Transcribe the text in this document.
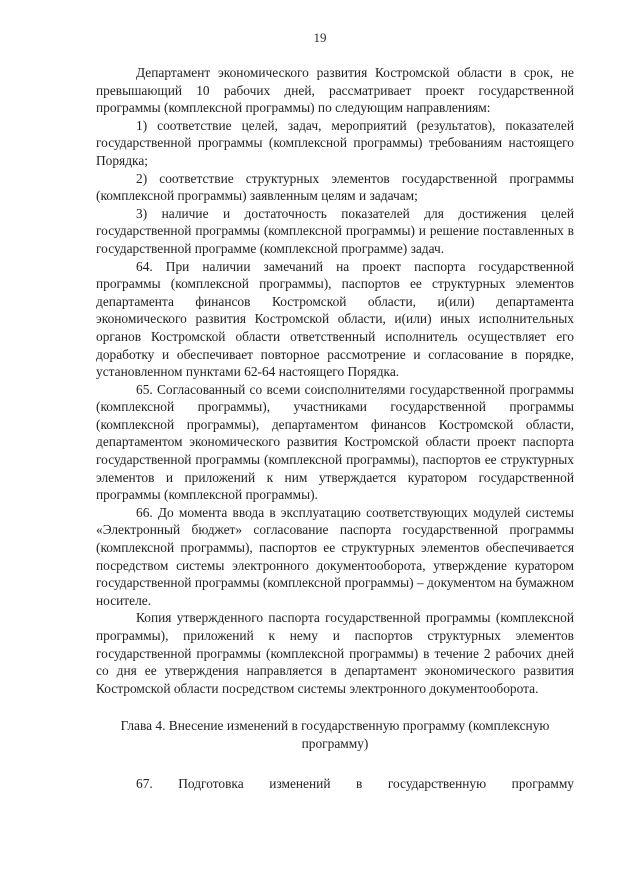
19

Департамент экономического развития Костромской области в срок, не превышающий 10 рабочих дней, рассматривает проект государственной программы (комплексной программы) по следующим направлениям:

1) соответствие целей, задач, мероприятий (результатов), показателей государственной программы (комплексной программы) требованиям настоящего Порядка;

2) соответствие структурных элементов государственной программы (комплексной программы) заявленным целям и задачам;

3) наличие и достаточность показателей для достижения целей государственной программы (комплексной программы) и решение поставленных в государственной программе (комплексной программе) задач.

64. При наличии замечаний на проект паспорта государственной программы (комплексной программы), паспортов ее структурных элементов департамента финансов Костромской области, и(или) департамента экономического развития Костромской области, и(или) иных исполнительных органов Костромской области ответственный исполнитель осуществляет его доработку и обеспечивает повторное рассмотрение и согласование в порядке, установленном пунктами 62-64 настоящего Порядка.

65. Согласованный со всеми соисполнителями государственной программы (комплексной программы), участниками государственной программы (комплексной программы), департаментом финансов Костромской области, департаментом экономического развития Костромской области проект паспорта государственной программы (комплексной программы), паспортов ее структурных элементов и приложений к ним утверждается куратором государственной программы (комплексной программы).

66. До момента ввода в эксплуатацию соответствующих модулей системы «Электронный бюджет» согласование паспорта государственной программы (комплексной программы), паспортов ее структурных элементов обеспечивается посредством системы электронного документооборота, утверждение куратором государственной программы (комплексной программы) – документом на бумажном носителе.

Копия утвержденного паспорта государственной программы (комплексной программы), приложений к нему и паспортов структурных элементов государственной программы (комплексной программы) в течение 2 рабочих дней со дня ее утверждения направляется в департамент экономического развития Костромской области посредством системы электронного документооборота.

Глава 4. Внесение изменений в государственную программу (комплексную программу)
67. Подготовка изменений в государственную программу
